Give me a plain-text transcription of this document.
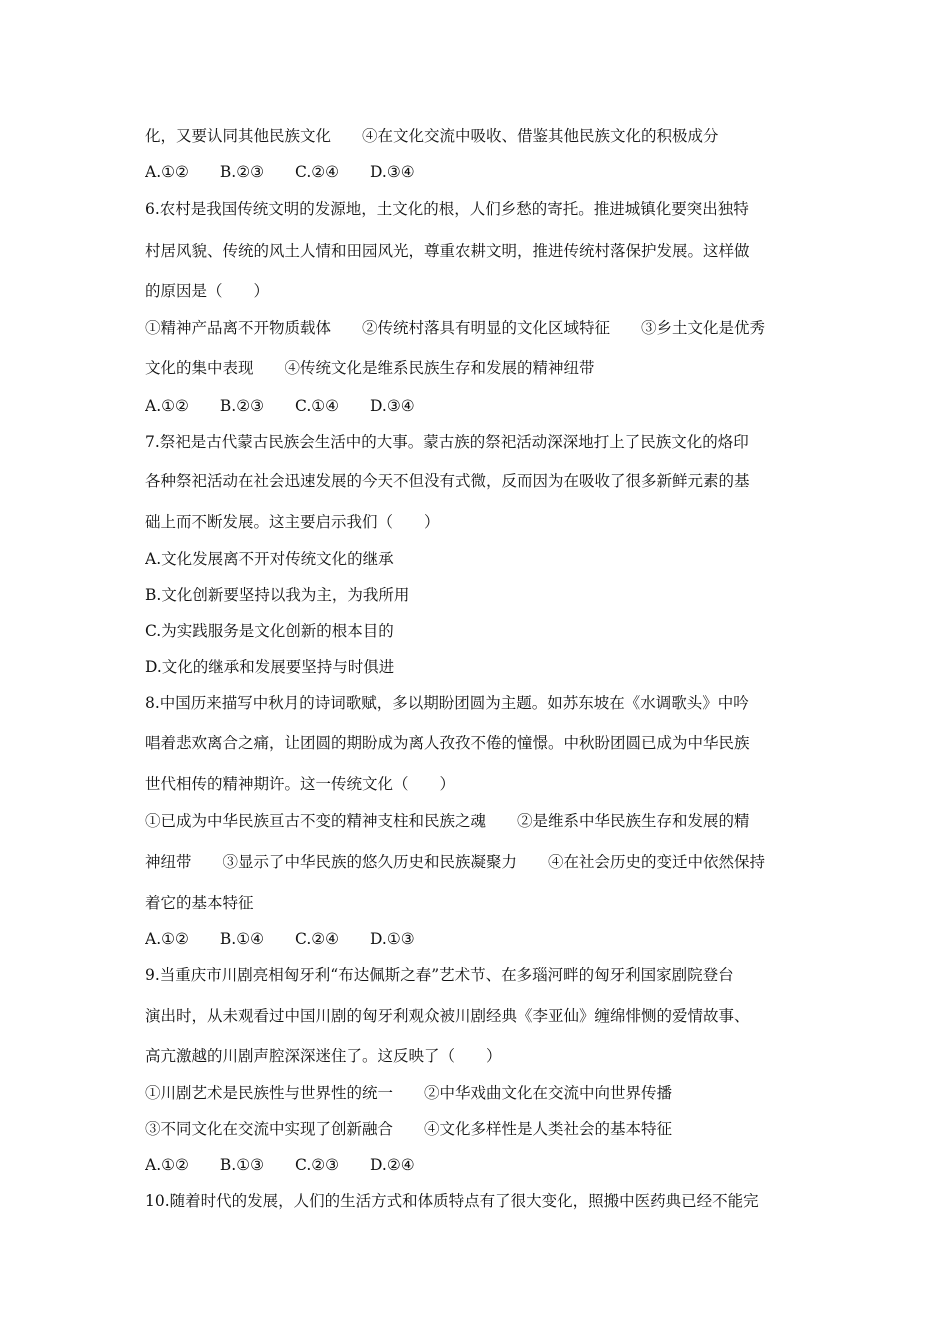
化，又要认同其他民族文化　　④在文化交流中吸收、借鉴其他民族文化的积极成分
A.①②　　B.②③　　C.②④　　D.③④
6.农村是我国传统文明的发源地，土文化的根，人们乡愁的寄托。推进城镇化要突出独特
村居风貌、传统的风土人情和田园风光，尊重农耕文明，推进传统村落保护发展。这样做
的原因是（　　）
①精神产品离不开物质载体　　②传统村落具有明显的文化区域特征　　③乡土文化是优秀
文化的集中表现　　④传统文化是维系民族生存和发展的精神纽带
A.①②　　B.②③　　C.①④　　D.③④
7.祭祀是古代蒙古民族会生活中的大事。蒙古族的祭祀活动深深地打上了民族文化的烙印
各种祭祀活动在社会迅速发展的今天不但没有式微，反而因为在吸收了很多新鲜元素的基
础上而不断发展。这主要启示我们（　　）
A.文化发展离不开对传统文化的继承
B.文化创新要坚持以我为主，为我所用
C.为实践服务是文化创新的根本目的
D.文化的继承和发展要坚持与时俱进
8.中国历来描写中秋月的诗词歌赋，多以期盼团圆为主题。如苏东坡在《水调歌头》中吟
唱着悲欢离合之痛，让团圆的期盼成为离人孜孜不倦的憧憬。中秋盼团圆已成为中华民族
世代相传的精神期许。这一传统文化（　　）
①已成为中华民族亘古不变的精神支柱和民族之魂　　②是维系中华民族生存和发展的精
神纽带　　③显示了中华民族的悠久历史和民族凝聚力　　④在社会历史的变迁中依然保持
着它的基本特征
A.①②　　B.①④　　C.②④　　D.①③
9.当重庆市川剧亮相匈牙利“布达佩斯之春”艺术节、在多瑙河畔的匈牙利国家剧院登台
演出时，从未观看过中国川剧的匈牙利观众被川剧经典《李亚仙》缠绵悱恻的爱情故事、
高亢激越的川剧声腔深深迷住了。这反映了（　　）
①川剧艺术是民族性与世界性的统一　　②中华戏曲文化在交流中向世界传播
③不同文化在交流中实现了创新融合　　④文化多样性是人类社会的基本特征
A.①②　　B.①③　　C.②③　　D.②④
10.随着时代的发展，人们的生活方式和体质特点有了很大变化，照搬中医药典已经不能完
